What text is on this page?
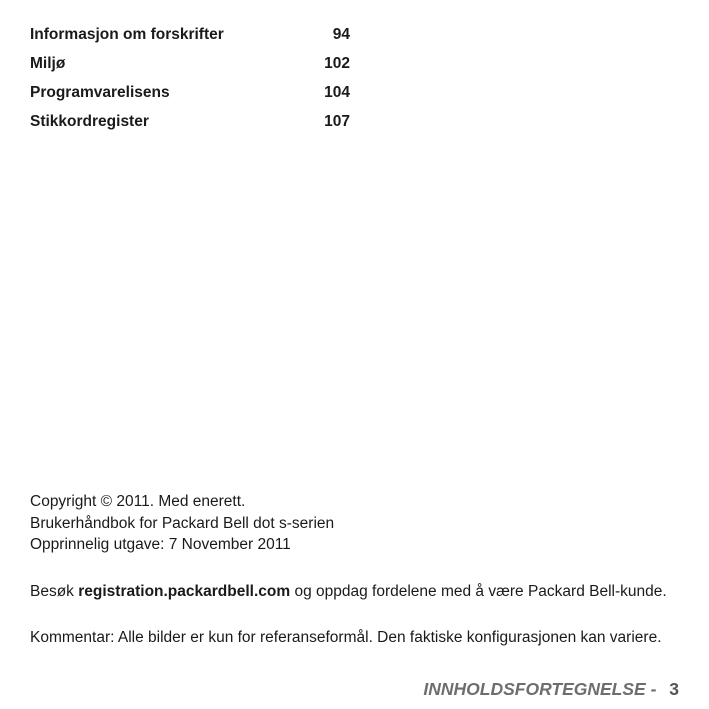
Informasjon om forskrifter	94
Miljø	102
Programvarelisens	104
Stikkordregister	107
Copyright © 2011. Med enerett.
Brukerhåndbok for Packard Bell dot s-serien
Opprinnelig utgave: 7 November 2011
Besøk registration.packardbell.com og oppdag fordelene med å være Packard Bell-kunde.
Kommentar: Alle bilder er kun for referanseformål. Den faktiske konfigurasjonen kan variere.
INNHOLDSFORTEGNELSE - 3
